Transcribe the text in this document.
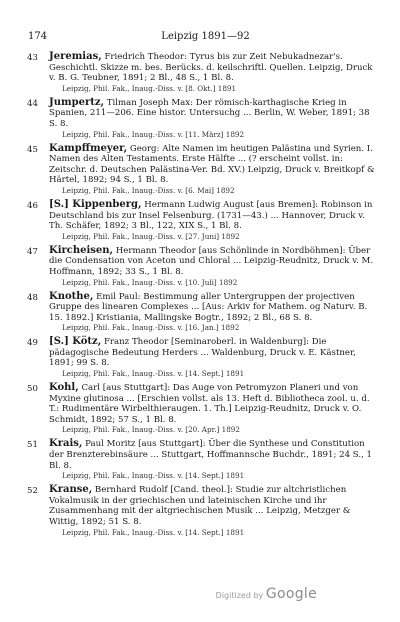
174	Leipzig 1891—92
43 Jeremias, Friedrich Theodor: Tyrus bis zur Zeit Nebukadnezar's. Geschichtl. Skizze m. bes. Berücks. d. keilschriftl. Quellen. Leipzig, Druck v. B. G. Teubner, 1891; 2 Bl., 48 S., 1 Bl. 8.
Leipzig, Phil. Fak., Inaug.-Diss. v. [8. Okt.] 1891
44 Jumpertz, Tilman Joseph Max: Der römisch-karthagische Krieg in Spanien, 211—206. Eine histor. Untersuchg ... Berlin, W. Weber, 1891; 38 S. 8.
Leipzig, Phil. Fak., Inaug.-Diss. v. [11. März] 1892
45 Kampffmeyer, Georg: Alte Namen im heutigen Palästina und Syrien. I. Namen des Alten Testaments. Erste Hälfte ... (? erscheint vollst. in: Zeitschr. d. Deutschen Palästina-Ver. Bd. XV.) Leipzig, Druck v. Breitkopf & Härtel, 1892; 94 S., 1 Bl. 8.
Leipzig, Phil. Fak., Inaug.-Diss. v. [6. Mai] 1892
46 [S.] Kippenberg, Hermann Ludwig August [aus Bremen]: Robinson in Deutschland bis zur Insel Felsenburg. (1731—43.) ... Hannover, Druck v. Th. Schäfer, 1892; 3 Bl., 122, XIX S., 1 Bl. 8.
Leipzig, Phil. Fak., Inaug.-Diss. v. [27. Juni] 1892
47 Kircheisen, Hermann Theodor [aus Schönlinde in Nordböhmen]: Über die Condensation von Aceton und Chloral ... Leipzig-Reudnitz, Druck v. M. Hoffmann, 1892; 33 S., 1 Bl. 8.
Leipzig, Phil. Fak., Inaug.-Diss. v. [10. Juli] 1892
48 Knothe, Emil Paul: Bestimmung aller Untergruppen der projectiven Gruppe des linearen Complexes ... [Aus: Arkiv for Mathem. og Naturv. B. 15. 1892.] Kristiania, Mallingske Bogtr., 1892; 2 Bl., 68 S. 8.
Leipzig, Phil. Fak., Inaug.-Diss. v. [16. Jan.] 1892
49 [S.] Kötz, Franz Theodor [Seminaroberl. in Waldenburg]: Die pädagogische Bedeutung Herders ... Waldenburg, Druck v. E. Kästner, 1891; 99 S. 8.
Leipzig, Phil. Fak., Inaug.-Diss. v. [14. Sept.] 1891
50 Kohl, Carl [aus Stuttgart]: Das Auge von Petromyzon Planeri und von Myxine glutinosa ... [Erschien vollst. als 13. Heft d. Bibliotheca zool. u. d. T.: Rudimentäre Wirbelthieraugen. 1. Th.] Leipzig-Reudnitz, Druck v. O. Schmidt, 1892; 57 S., 1 Bl. 8.
Leipzig, Phil. Fak., Inaug.-Diss. v. [20. Apr.] 1892
51 Krais, Paul Moritz [aus Stuttgart]: Über die Synthese und Constitution der Brenzterebinsäure ... Stuttgart, Hoffmannsche Buchdr., 1891; 24 S., 1 Bl. 8.
Leipzig, Phil. Fak., Inaug.-Diss. v. [14. Sept.] 1891
52 Kranse, Bernhard Rudolf [Cand. theol.]: Studie zur altchristlichen Vokalmusik in der griechischen und lateinischen Kirche und ihr Zusammenhang mit der altgriechischen Musik ... Leipzig, Metzger & Wittig, 1892; 51 S. 8.
Leipzig, Phil. Fak., Inaug.-Diss. v. [14. Sept.] 1891
Digitized by Google
